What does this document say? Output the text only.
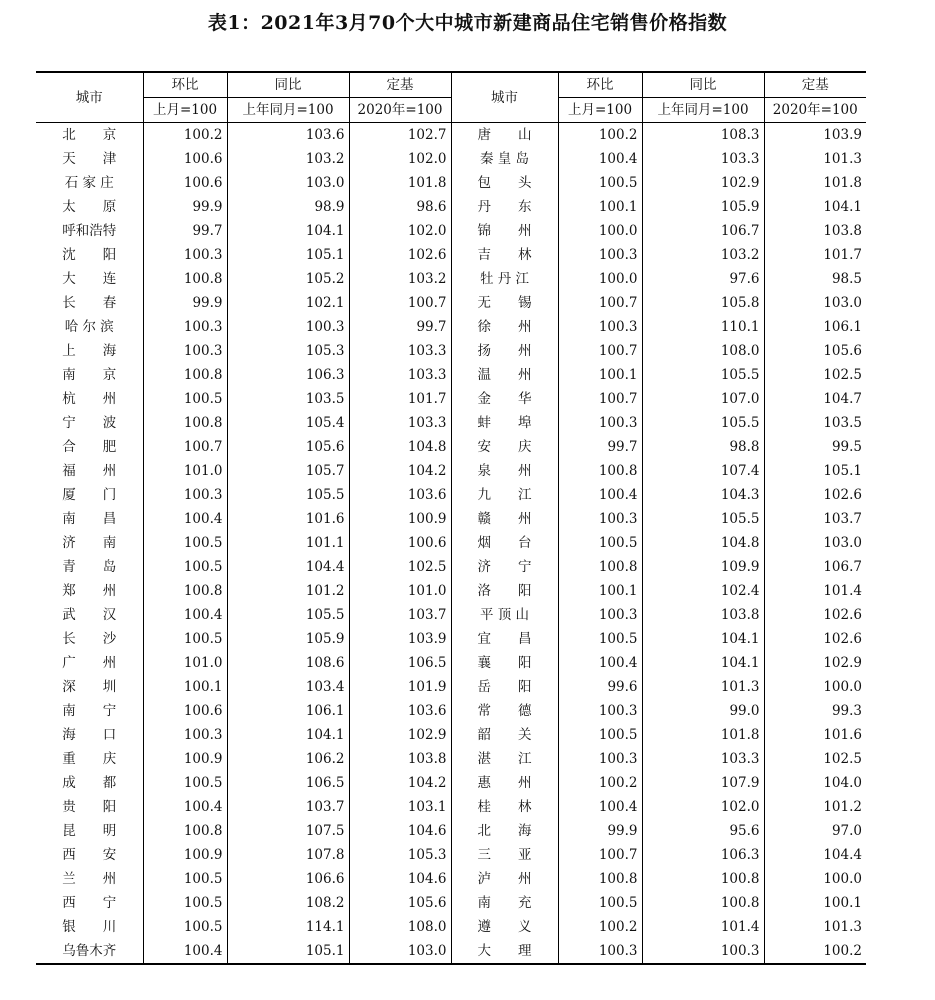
表1：2021年3月70个大中城市新建商品住宅销售价格指数
城市	环比	同比	定基	城市	环比	同比	定基
	上月=100	上年同月=100	2020年=100		上月=100	上年同月=100	2020年=100
北　　京	100.2	103.6	102.7	唐　　山	100.2	108.3	103.9
天　　津	100.6	103.2	102.0	秦 皇 岛	100.4	103.3	101.3
石 家 庄	100.6	103.0	101.8	包　　头	100.5	102.9	101.8
太　　原	99.9	98.9	98.6	丹　　东	100.1	105.9	104.1
呼和浩特	99.7	104.1	102.0	锦　　州	100.0	106.7	103.8
沈　　阳	100.3	105.1	102.6	吉　　林	100.3	103.2	101.7
大　　连	100.8	105.2	103.2	牡 丹 江	100.0	97.6	98.5
长　　春	99.9	102.1	100.7	无　　锡	100.7	105.8	103.0
哈 尔 滨	100.3	100.3	99.7	徐　　州	100.3	110.1	106.1
上　　海	100.3	105.3	103.3	扬　　州	100.7	108.0	105.6
南　　京	100.8	106.3	103.3	温　　州	100.1	105.5	102.5
杭　　州	100.5	103.5	101.7	金　　华	100.7	107.0	104.7
宁　　波	100.8	105.4	103.3	蚌　　埠	100.3	105.5	103.5
合　　肥	100.7	105.6	104.8	安　　庆	99.7	98.8	99.5
福　　州	101.0	105.7	104.2	泉　　州	100.8	107.4	105.1
厦　　门	100.3	105.5	103.6	九　　江	100.4	104.3	102.6
南　　昌	100.4	101.6	100.9	赣　　州	100.3	105.5	103.7
济　　南	100.5	101.1	100.6	烟　　台	100.5	104.8	103.0
青　　岛	100.5	104.4	102.5	济　　宁	100.8	109.9	106.7
郑　　州	100.8	101.2	101.0	洛　　阳	100.1	102.4	101.4
武　　汉	100.4	105.5	103.7	平 顶 山	100.3	103.8	102.6
长　　沙	100.5	105.9	103.9	宜　　昌	100.5	104.1	102.6
广　　州	101.0	108.6	106.5	襄　　阳	100.4	104.1	102.9
深　　圳	100.1	103.4	101.9	岳　　阳	99.6	101.3	100.0
南　　宁	100.6	106.1	103.6	常　　德	100.3	99.0	99.3
海　　口	100.3	104.1	102.9	韶　　关	100.5	101.8	101.6
重　　庆	100.9	106.2	103.8	湛　　江	100.3	103.3	102.5
成　　都	100.5	106.5	104.2	惠　　州	100.2	107.9	104.0
贵　　阳	100.4	103.7	103.1	桂　　林	100.4	102.0	101.2
昆　　明	100.8	107.5	104.6	北　　海	99.9	95.6	97.0
西　　安	100.9	107.8	105.3	三　　亚	100.7	106.3	104.4
兰　　州	100.5	106.6	104.6	泸　　州	100.8	100.8	100.0
西　　宁	100.5	108.2	105.6	南　　充	100.5	100.8	100.1
银　　川	100.5	114.1	108.0	遵　　义	100.2	101.4	101.3
乌鲁木齐	100.4	105.1	103.0	大　　理	100.3	100.3	100.2
